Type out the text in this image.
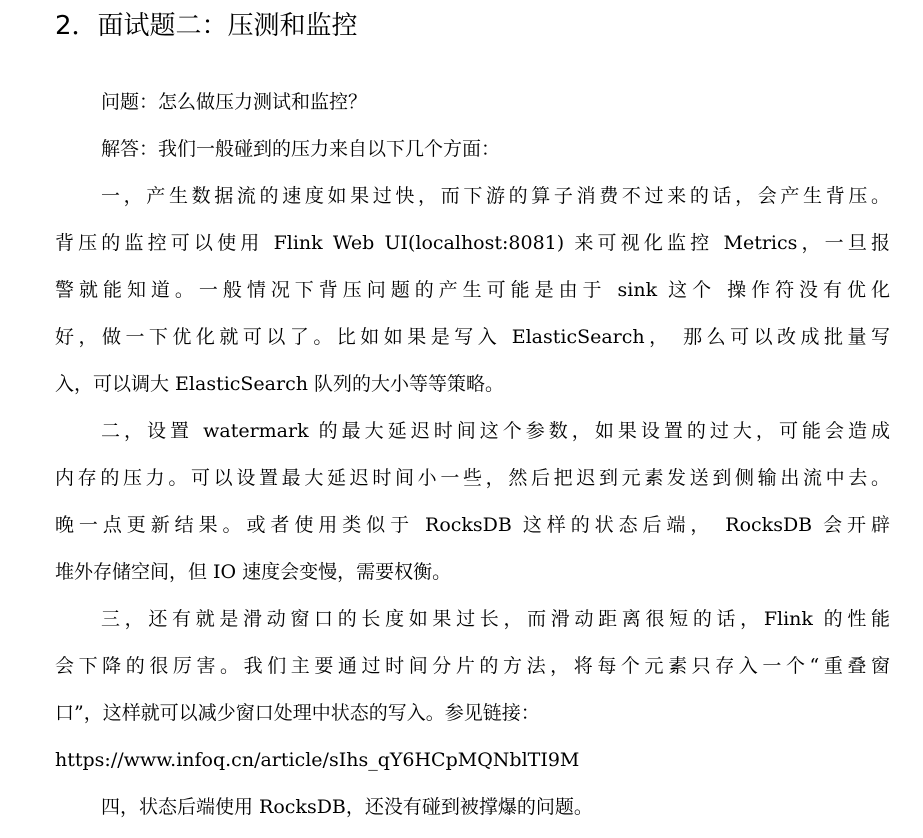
2．面试题二：压测和监控
问题：怎么做压力测试和监控？
解答：我们一般碰到的压力来自以下几个方面：
一，产生数据流的速度如果过快，而下游的算子消费不过来的话，会产生背压。
背压的监控可以使用 Flink Web UI(localhost:8081) 来可视化监控 Metrics，一旦报
警就能知道。一般情况下背压问题的产生可能是由于 sink 这个 操作符没有优化
好，做一下优化就可以了。比如如果是写入 ElasticSearch， 那么可以改成批量写
入，可以调大 ElasticSearch 队列的大小等等策略。
二，设置 watermark 的最大延迟时间这个参数，如果设置的过大，可能会造成
内存的压力。可以设置最大延迟时间小一些，然后把迟到元素发送到侧输出流中去。
晚一点更新结果。或者使用类似于 RocksDB 这样的状态后端， RocksDB 会开辟
堆外存储空间，但 IO 速度会变慢，需要权衡。
三，还有就是滑动窗口的长度如果过长，而滑动距离很短的话，Flink 的性能
会下降的很厉害。我们主要通过时间分片的方法，将每个元素只存入一个“重叠窗
口”，这样就可以减少窗口处理中状态的写入。参见链接：
https://www.infoq.cn/article/sIhs_qY6HCpMQNblTI9M
四，状态后端使用 RocksDB，还没有碰到被撑爆的问题。
